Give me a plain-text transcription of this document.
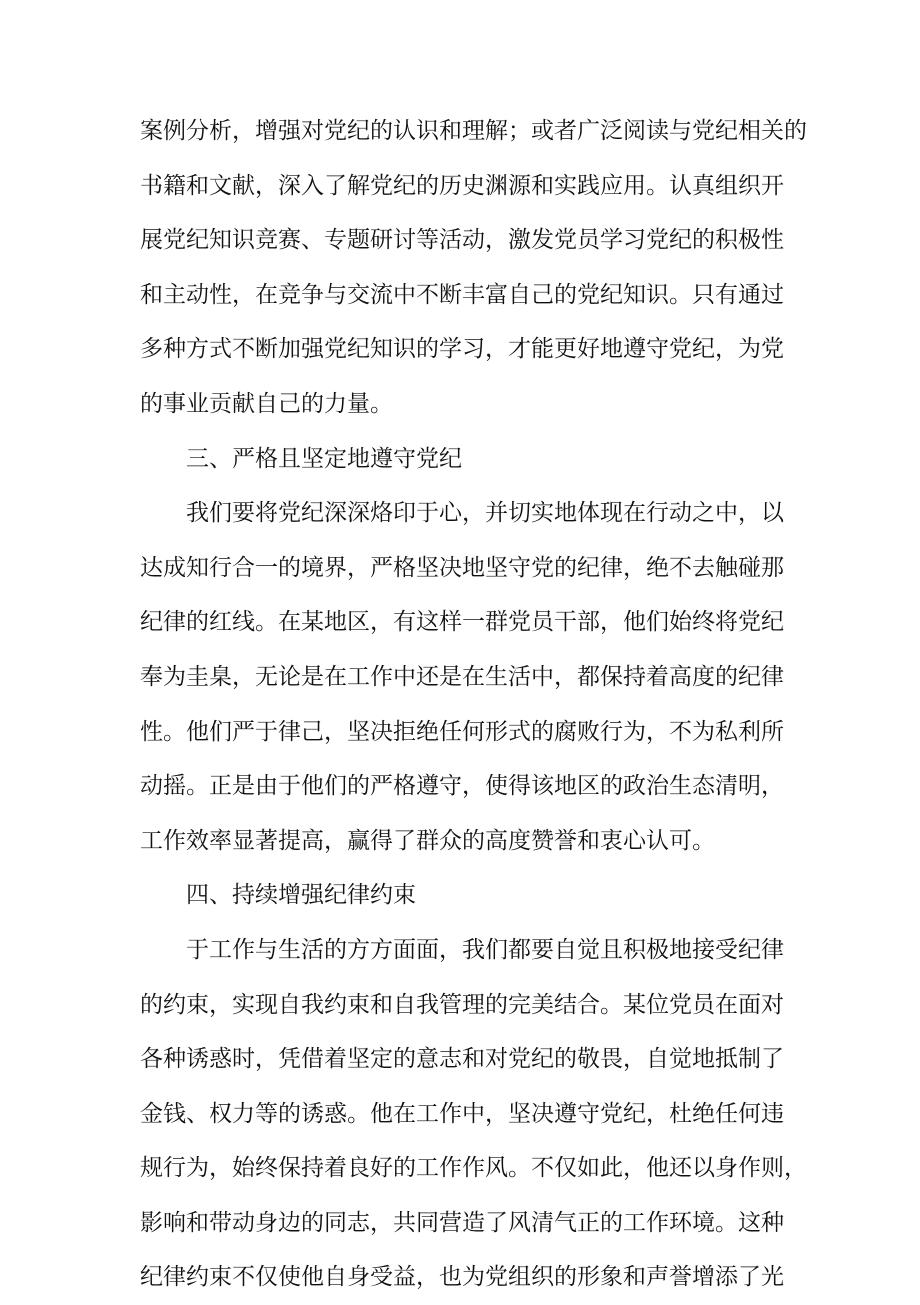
案例分析，增强对党纪的认识和理解；或者广泛阅读与党纪相关的
书籍和文献，深入了解党纪的历史渊源和实践应用。认真组织开
展党纪知识竞赛、专题研讨等活动，激发党员学习党纪的积极性
和主动性，在竞争与交流中不断丰富自己的党纪知识。只有通过
多种方式不断加强党纪知识的学习，才能更好地遵守党纪，为党
的事业贡献自己的力量。
三、严格且坚定地遵守党纪
我们要将党纪深深烙印于心，并切实地体现在行动之中，以
达成知行合一的境界，严格坚决地坚守党的纪律，绝不去触碰那
纪律的红线。在某地区，有这样一群党员干部，他们始终将党纪
奉为圭臬，无论是在工作中还是在生活中，都保持着高度的纪律
性。他们严于律己，坚决拒绝任何形式的腐败行为，不为私利所
动摇。正是由于他们的严格遵守，使得该地区的政治生态清明，
工作效率显著提高，赢得了群众的高度赞誉和衷心认可。
四、持续增强纪律约束
于工作与生活的方方面面，我们都要自觉且积极地接受纪律
的约束，实现自我约束和自我管理的完美结合。某位党员在面对
各种诱惑时，凭借着坚定的意志和对党纪的敬畏，自觉地抵制了
金钱、权力等的诱惑。他在工作中，坚决遵守党纪，杜绝任何违
规行为，始终保持着良好的工作作风。不仅如此，他还以身作则，
影响和带动身边的同志，共同营造了风清气正的工作环境。这种
纪律约束不仅使他自身受益，也为党组织的形象和声誉增添了光
